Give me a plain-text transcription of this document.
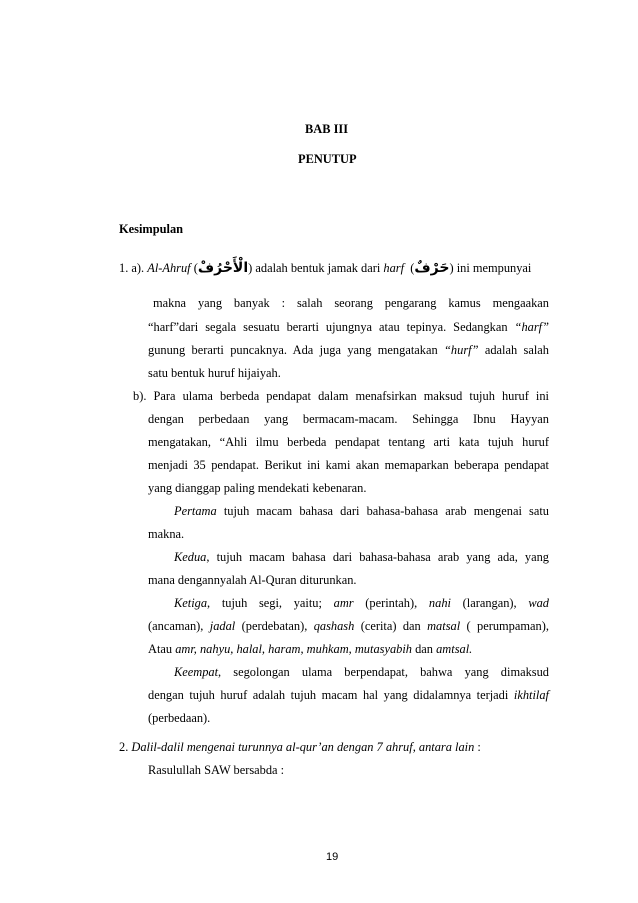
BAB III
PENUTUP
Kesimpulan
1. a). Al-Ahruf (الْأَحْرُفْ) adalah bentuk jamak dari harf (حَرْفٌ) ini mempunyai
makna yang banyak : salah seorang pengarang kamus mengaakan
“harf”dari segala sesuatu berarti ujungnya atau tepinya. Sedangkan “harf”
gunung berarti puncaknya. Ada juga yang mengatakan “hurf” adalah salah
satu bentuk huruf hijaiyah.
b). Para ulama berbeda pendapat dalam menafsirkan maksud tujuh huruf ini
dengan perbedaan yang bermacam-macam. Sehingga Ibnu Hayyan
mengatakan, “Ahli ilmu berbeda pendapat tentang arti kata tujuh huruf
menjadi 35 pendapat. Berikut ini kami akan memaparkan beberapa pendapat
yang dianggap paling mendekati kebenaran.
Pertama tujuh macam bahasa dari bahasa-bahasa arab mengenai satu
makna.
Kedua, tujuh macam bahasa dari bahasa-bahasa arab yang ada, yang
mana dengannyalah Al-Quran diturunkan.
Ketiga, tujuh segi, yaitu; amr (perintah), nahi (larangan), wad
(ancaman), jadal (perdebatan), qashash (cerita) dan matsal ( perumpaman),
Atau amr, nahyu, halal, haram, muhkam, mutasyabih dan amtsal.
Keempat, segolongan ulama berpendapat, bahwa yang dimaksud
dengan tujuh huruf adalah tujuh macam hal yang didalamnya terjadi ikhtilaf
(perbedaan).
2. Dalil-dalil mengenai turunnya al-qur’an dengan 7 ahruf, antara lain :
Rasulullah SAW bersabda :
19
